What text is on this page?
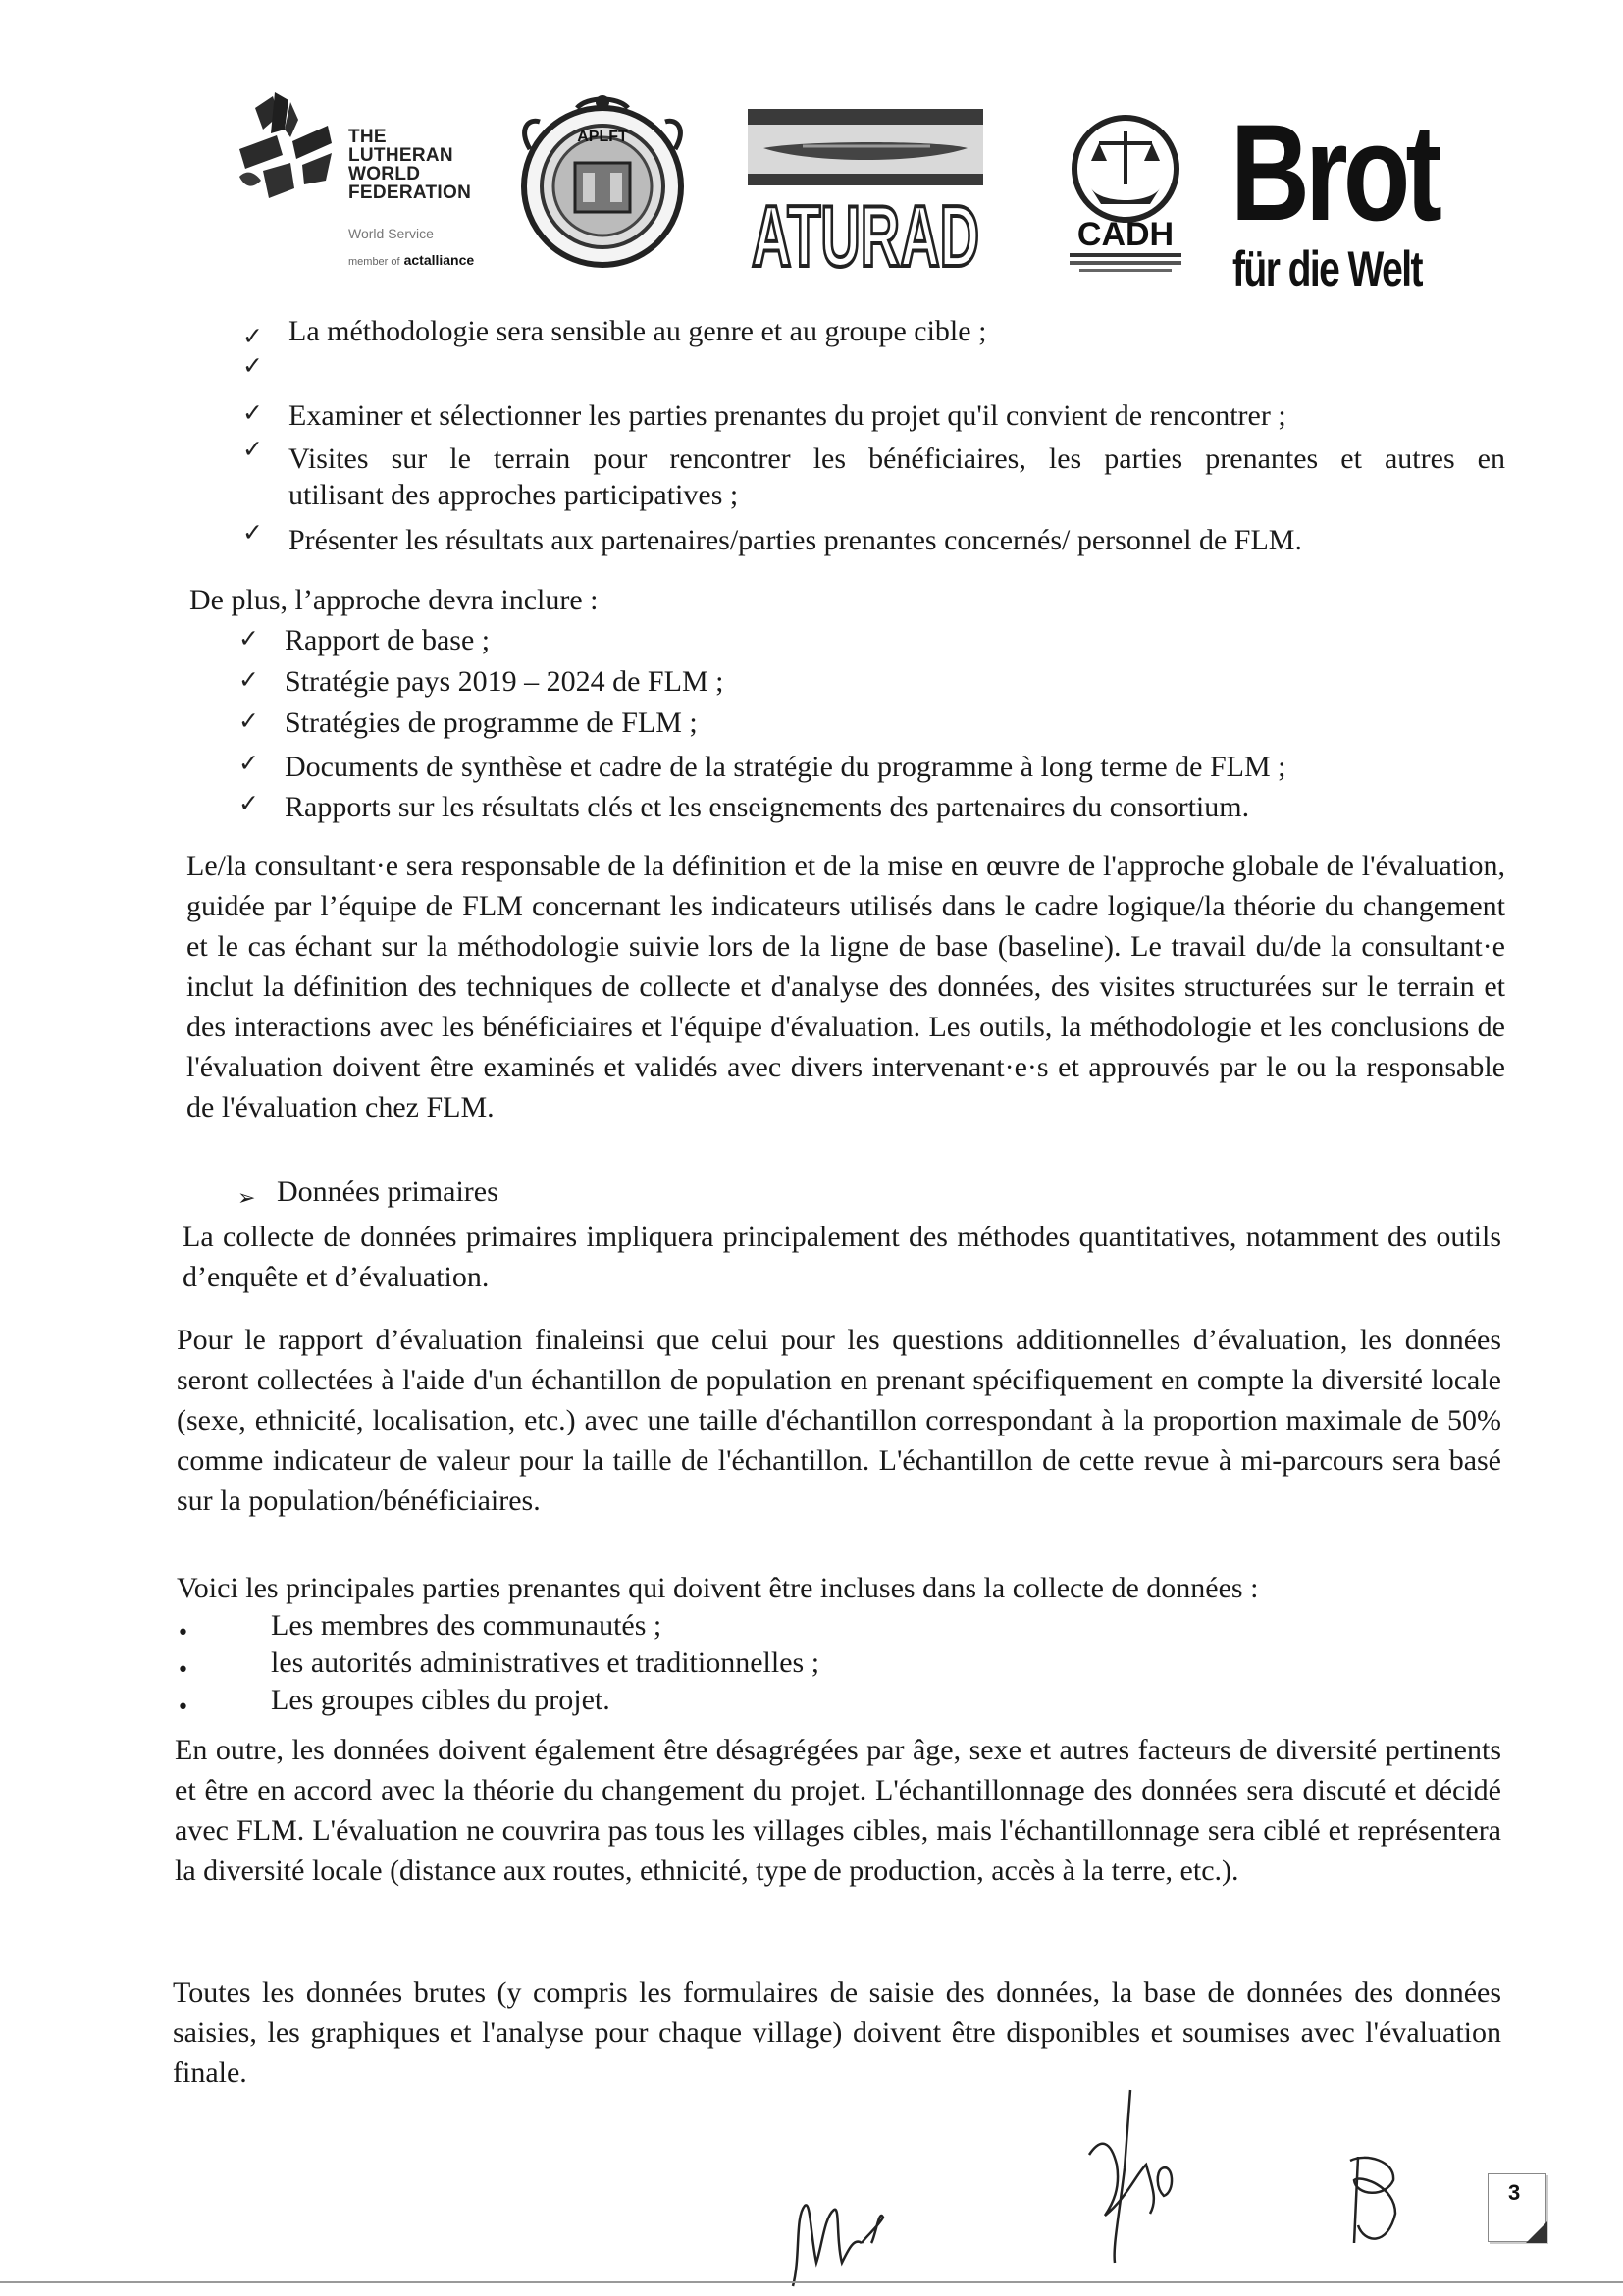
THE
LUTHERAN
WORLD
FEDERATION
World Service
member of actalliance
APLFT
ATURAD	CADH Brot
für die Welt
✓ La méthodologie sera sensible au genre et au groupe cible ;
✓
✓ Examiner et sélectionner les parties prenantes du projet qu'il convient de rencontrer ;
✓ Visites sur le terrain pour rencontrer les bénéficiaires, les parties prenantes et autres en
utilisant des approches participatives ;
✓ Présenter les résultats aux partenaires/parties prenantes concernés/ personnel de FLM.
De plus, l’approche devra inclure :
✓ Rapport de base ;
✓ Stratégie pays 2019 – 2024 de FLM ;
✓ Stratégies de programme de FLM ;
✓ Documents de synthèse et cadre de la stratégie du programme à long terme de FLM ;
✓ Rapports sur les résultats clés et les enseignements des partenaires du consortium.
Le/la consultant·e sera responsable de la définition et de la mise en œuvre de l'approche globale de l'évaluation, guidée par l’équipe de FLM concernant les indicateurs utilisés dans le cadre logique/la théorie du changement et le cas échant sur la méthodologie suivie lors de la ligne de base (baseline). Le travail du/de la consultant·e inclut la définition des techniques de collecte et d'analyse des données, des visites structurées sur le terrain et des interactions avec les bénéficiaires et l'équipe d'évaluation. Les outils, la méthodologie et les conclusions de l'évaluation doivent être examinés et validés avec divers intervenant·e·s et approuvés par le ou la responsable de l'évaluation chez FLM.
➢ Données primaires
La collecte de données primaires impliquera principalement des méthodes quantitatives, notamment des outils d’enquête et d’évaluation.
Pour le rapport d’évaluation finaleinsi que celui pour les questions additionnelles d’évaluation, les données seront collectées à l'aide d'un échantillon de population en prenant spécifiquement en compte la diversité locale (sexe, ethnicité, localisation, etc.) avec une taille d'échantillon correspondant à la proportion maximale de 50% comme indicateur de valeur pour la taille de l'échantillon. L'échantillon de cette revue à mi-parcours sera basé sur la population/bénéficiaires.
Voici les principales parties prenantes qui doivent être incluses dans la collecte de données :
•	Les membres des communautés ;
•	les autorités administratives et traditionnelles ;
•	Les groupes cibles du projet.
En outre, les données doivent également être désagrégées par âge, sexe et autres facteurs de diversité pertinents et être en accord avec la théorie du changement du projet. L'échantillonnage des données sera discuté et décidé avec FLM. L'évaluation ne couvrira pas tous les villages cibles, mais l'échantillonnage sera ciblé et représentera la diversité locale (distance aux routes, ethnicité, type de production, accès à la terre, etc.).
Toutes les données brutes (y compris les formulaires de saisie des données, la base de données des données saisies, les graphiques et l'analyse pour chaque village) doivent être disponibles et soumises avec l'évaluation finale.
3
